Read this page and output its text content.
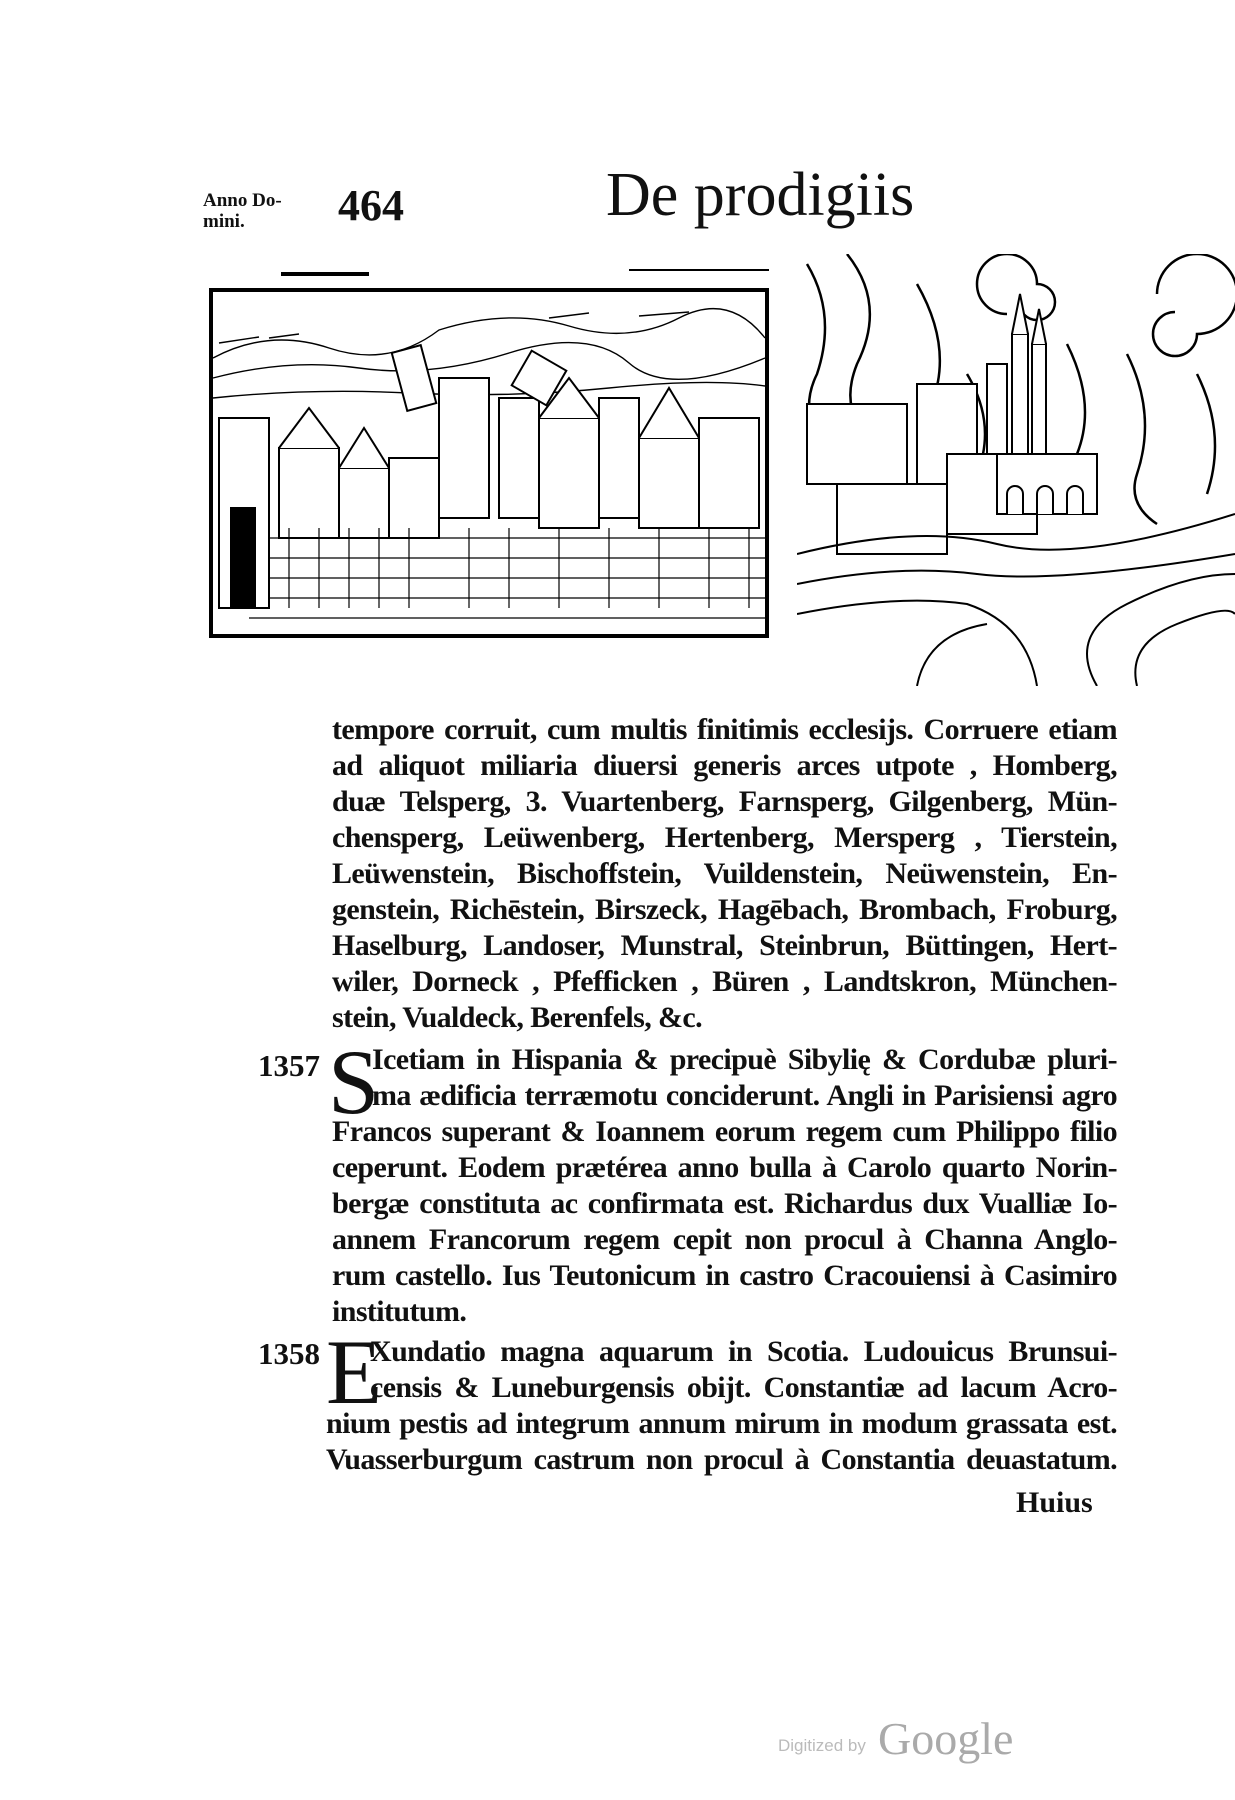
Anno Do-
mini.	464	De prodigiis
tempore corruit, cum multis finitimis ecclesijs. Corruere etiam
ad aliquot miliaria diuersi generis arces utpote , Homberg,
duæ Telsperg, 3. Vuartenberg, Farnsperg, Gilgenberg, Mün-
chensperg, Leüwenberg, Hertenberg, Mersperg , Tierstein,
Leüwenstein, Bischoffstein, Vuildenstein, Neüwenstein, En-
genstein, Richēstein, Birszeck, Hagēbach, Brombach, Froburg,
Haselburg, Landoser, Munstral, Steinbrun, Büttingen, Hert-
wiler, Dorneck , Pfefficken , Büren , Landtskron, München-
stein, Vualdeck, Berenfels, &c.
1357 S
Icetiam in Hispania & precipuè Sibylię & Cordubæ pluri-
ma ædificia terræmotu conciderunt. Angli in Parisiensi agro
Francos superant & Ioannem eorum regem cum Philippo filio
ceperunt. Eodem prætérea anno bulla à Carolo quarto Norin-
bergæ constituta ac confirmata est. Richardus dux Vualliæ Io-
annem Francorum regem cepit non procul à Channa Anglo-
rum castello. Ius Teutonicum in castro Cracouiensi à Casimiro
institutum.
1358 E
Xundatio magna aquarum in Scotia. Ludouicus Brunsui-
censis & Luneburgensis obijt. Constantiæ ad lacum Acro-
nium pestis ad integrum annum mirum in modum grassata est.
Vuasserburgum castrum non procul à Constantia deuastatum.
Huius
Digitized by Google
